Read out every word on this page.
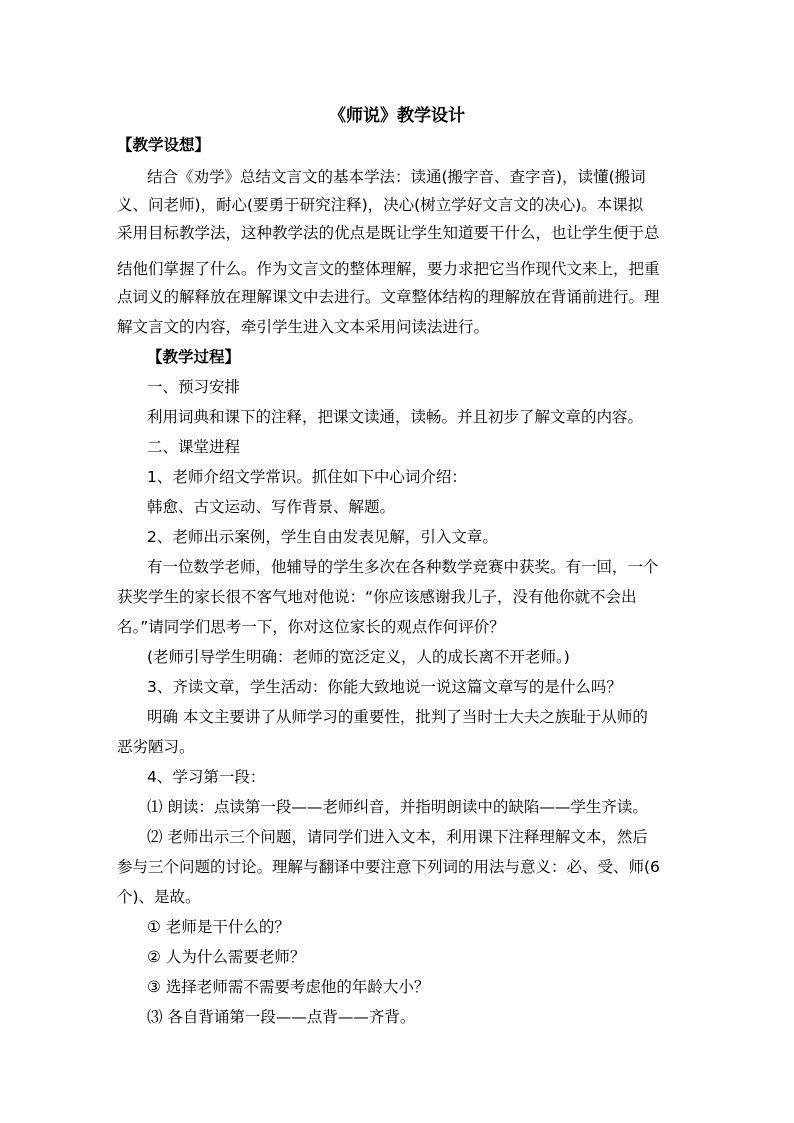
《师说》教学设计
【教学设想】
结合《劝学》总结文言文的基本学法：读通(搬字音、查字音)，读懂(搬词
义、问老师)，耐心(要勇于研究注释)，决心(树立学好文言文的决心)。本课拟
采用目标教学法，这种教学法的优点是既让学生知道要干什么，也让学生便于总
结他们掌握了什么。作为文言文的整体理解，要力求把它当作现代文来上，把重
点词义的解释放在理解课文中去进行。文章整体结构的理解放在背诵前进行。理
解文言文的内容，牵引学生进入文本采用问读法进行。
【教学过程】
一、预习安排
利用词典和课下的注释，把课文读通，读畅。并且初步了解文章的内容。
二、课堂进程
1、老师介绍文学常识。抓住如下中心词介绍：
韩愈、古文运动、写作背景、解题。
2、老师出示案例，学生自由发表见解，引入文章。
有一位数学老师，他辅导的学生多次在各种数学竞赛中获奖。有一回，一个
获奖学生的家长很不客气地对他说：“你应该感谢我儿子，没有他你就不会出
名。”请同学们思考一下，你对这位家长的观点作何评价？
(老师引导学生明确：老师的宽泛定义，人的成长离不开老师。)
3、齐读文章，学生活动：你能大致地说一说这篇文章写的是什么吗？
明确 本文主要讲了从师学习的重要性，批判了当时士大夫之族耻于从师的
恶劣陋习。
4、学习第一段：
⑴ 朗读：点读第一段——老师纠音，并指明朗读中的缺陷——学生齐读。
⑵ 老师出示三个问题，请同学们进入文本，利用课下注释理解文本，然后
参与三个问题的讨论。理解与翻译中要注意下列词的用法与意义：必、受、师(6
个)、是故。
① 老师是干什么的？
② 人为什么需要老师？
③ 选择老师需不需要考虑他的年龄大小？
⑶ 各自背诵第一段——点背——齐背。
